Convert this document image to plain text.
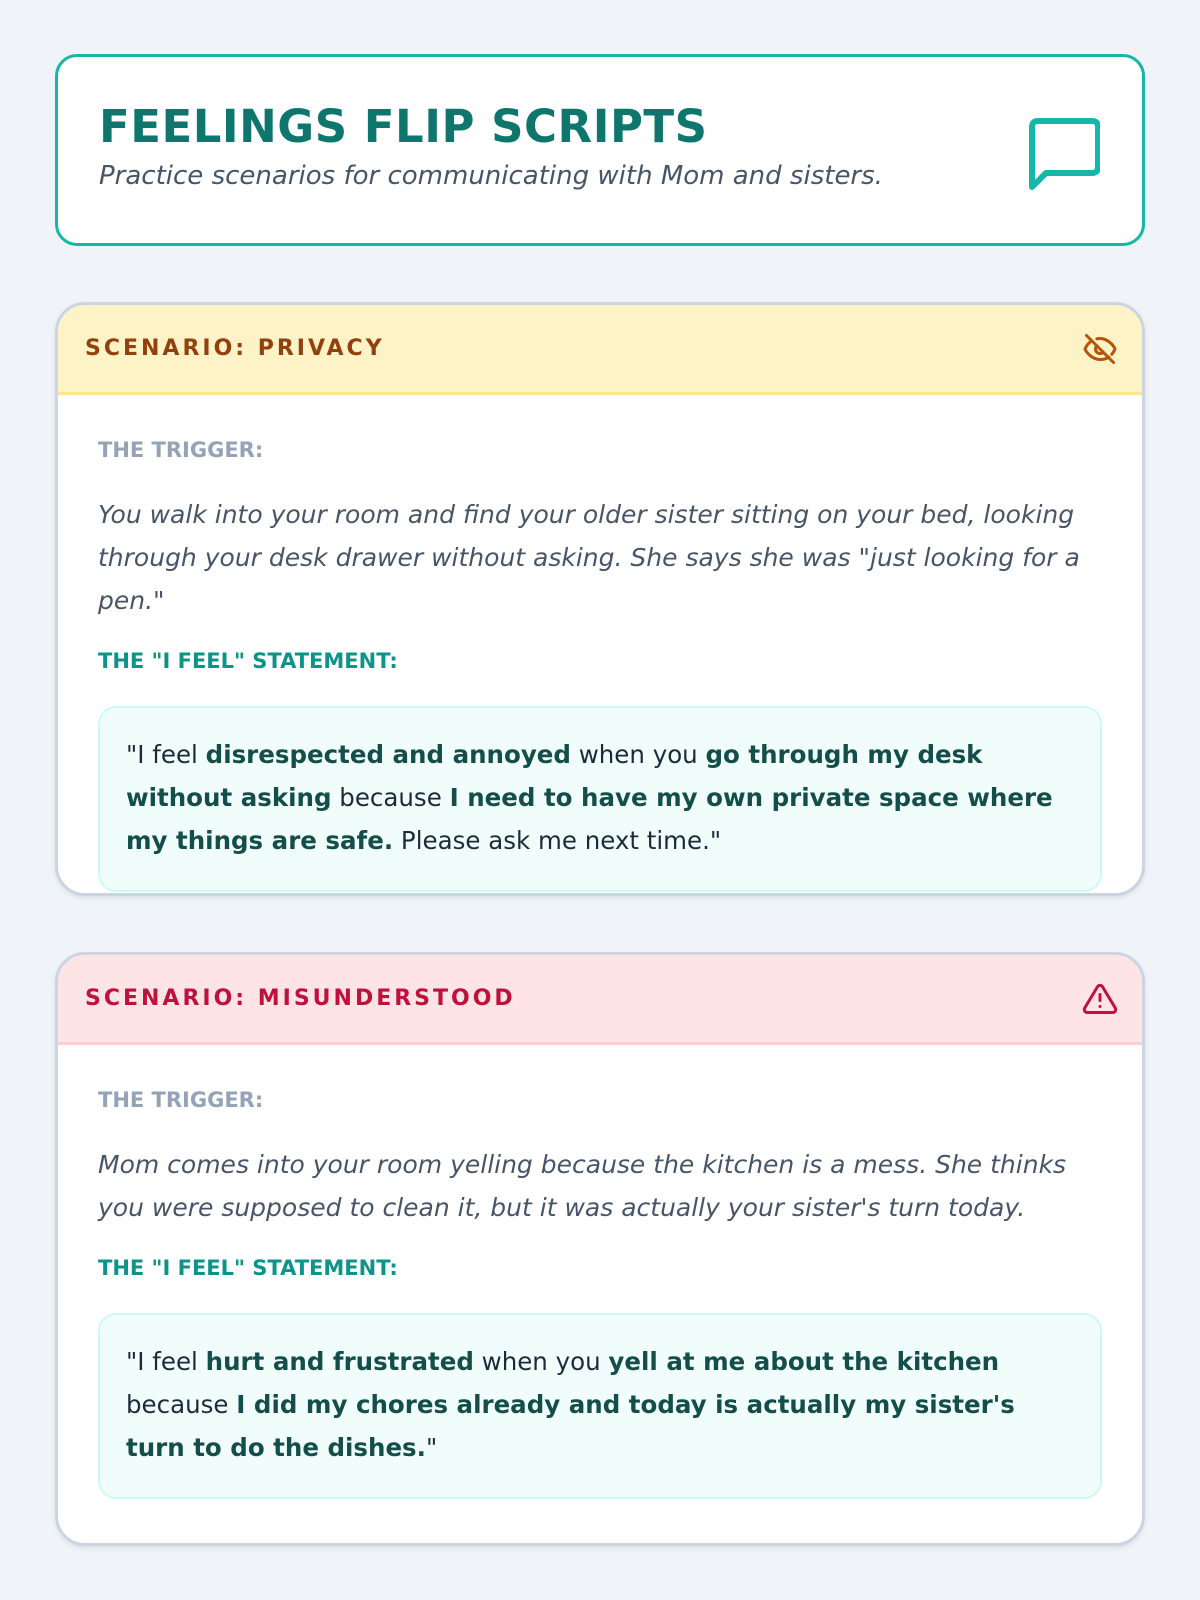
FEELINGS FLIP SCRIPTS
Practice scenarios for communicating with Mom and sisters.
SCENARIO: PRIVACY
THE TRIGGER:
You walk into your room and find your older sister sitting on your bed, looking through your desk drawer without asking. She says she was "just looking for a pen."
THE "I FEEL" STATEMENT:
"I feel disrespected and annoyed when you go through my desk without asking because I need to have my own private space where my things are safe. Please ask me next time."
SCENARIO: MISUNDERSTOOD
THE TRIGGER:
Mom comes into your room yelling because the kitchen is a mess. She thinks you were supposed to clean it, but it was actually your sister's turn today.
THE "I FEEL" STATEMENT:
"I feel hurt and frustrated when you yell at me about the kitchen because I did my chores already and today is actually my sister's turn to do the dishes."
